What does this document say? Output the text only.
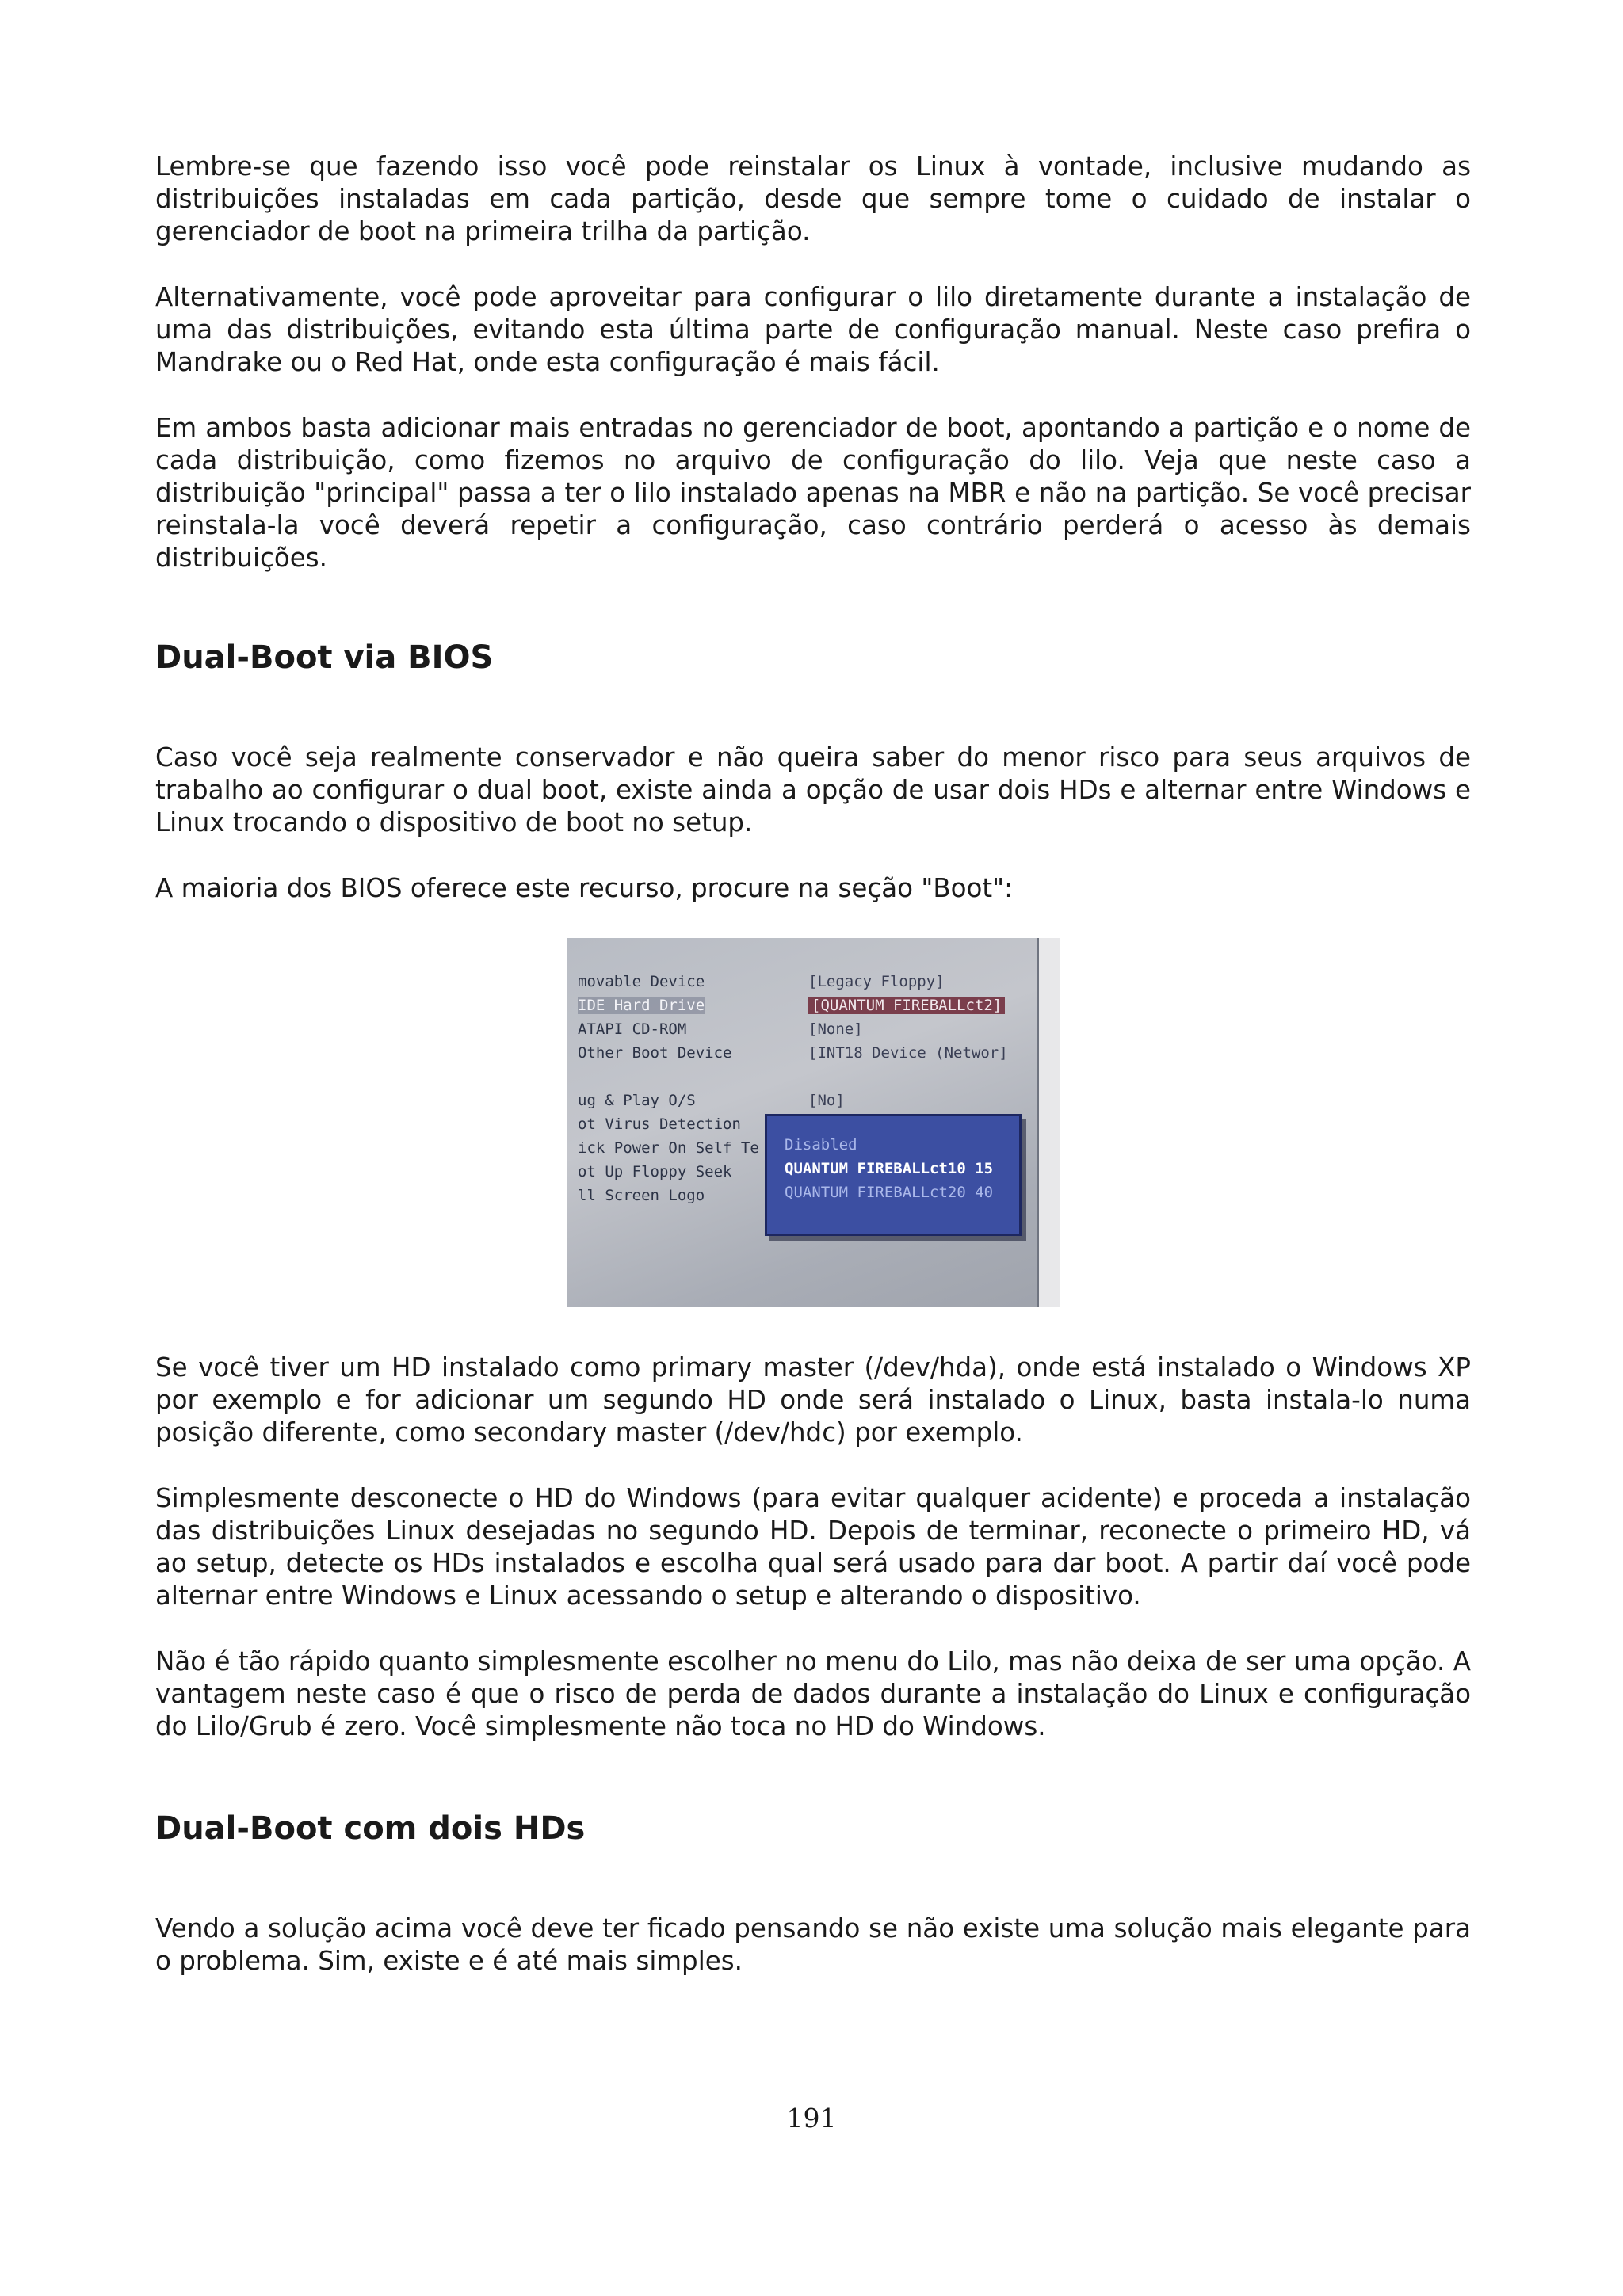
Lembre-se que fazendo isso você pode reinstalar os Linux à vontade, inclusive mudando as distribuições instaladas em cada partição, desde que sempre tome o cuidado de instalar o gerenciador de boot na primeira trilha da partição.

Alternativamente, você pode aproveitar para configurar o lilo diretamente durante a instalação de uma das distribuições, evitando esta última parte de configuração manual. Neste caso prefira o Mandrake ou o Red Hat, onde esta configuração é mais fácil.

Em ambos basta adicionar mais entradas no gerenciador de boot, apontando a partição e o nome de cada distribuição, como fizemos no arquivo de configuração do lilo. Veja que neste caso a distribuição "principal" passa a ter o lilo instalado apenas na MBR e não na partição. Se você precisar reinstala-la você deverá repetir a configuração, caso contrário perderá o acesso às demais distribuições.

Dual-Boot via BIOS

Caso você seja realmente conservador e não queira saber do menor risco para seus arquivos de trabalho ao configurar o dual boot, existe ainda a opção de usar dois HDs e alternar entre Windows e Linux trocando o dispositivo de boot no setup.

A maioria dos BIOS oferece este recurso, procure na seção "Boot":

movable Device
IDE Hard Drive
ATAPI CD-ROM
Other Boot Device

ug & Play O/S
ot Virus Detection
ick Power On Self Te
ot Up Floppy Seek
ll Screen Logo
[Legacy Floppy]
[QUANTUM FIREBALLct2]
[None]
[INT18 Device (Networ]

[No]
Disabled
QUANTUM FIREBALLct10 15
QUANTUM FIREBALLct20 40

Se você tiver um HD instalado como primary master (/dev/hda), onde está instalado o Windows XP por exemplo e for adicionar um segundo HD onde será instalado o Linux, basta instala-lo numa posição diferente, como secondary master (/dev/hdc) por exemplo.

Simplesmente desconecte o HD do Windows (para evitar qualquer acidente) e proceda a instalação das distribuições Linux desejadas no segundo HD. Depois de terminar, reconecte o primeiro HD, vá ao setup, detecte os HDs instalados e escolha qual será usado para dar boot. A partir daí você pode alternar entre Windows e Linux acessando o setup e alterando o dispositivo.

Não é tão rápido quanto simplesmente escolher no menu do Lilo, mas não deixa de ser uma opção. A vantagem neste caso é que o risco de perda de dados durante a instalação do Linux e configuração do Lilo/Grub é zero. Você simplesmente não toca no HD do Windows.

Dual-Boot com dois HDs

Vendo a solução acima você deve ter ficado pensando se não existe uma solução mais elegante para o problema. Sim, existe e é até mais simples.

191
